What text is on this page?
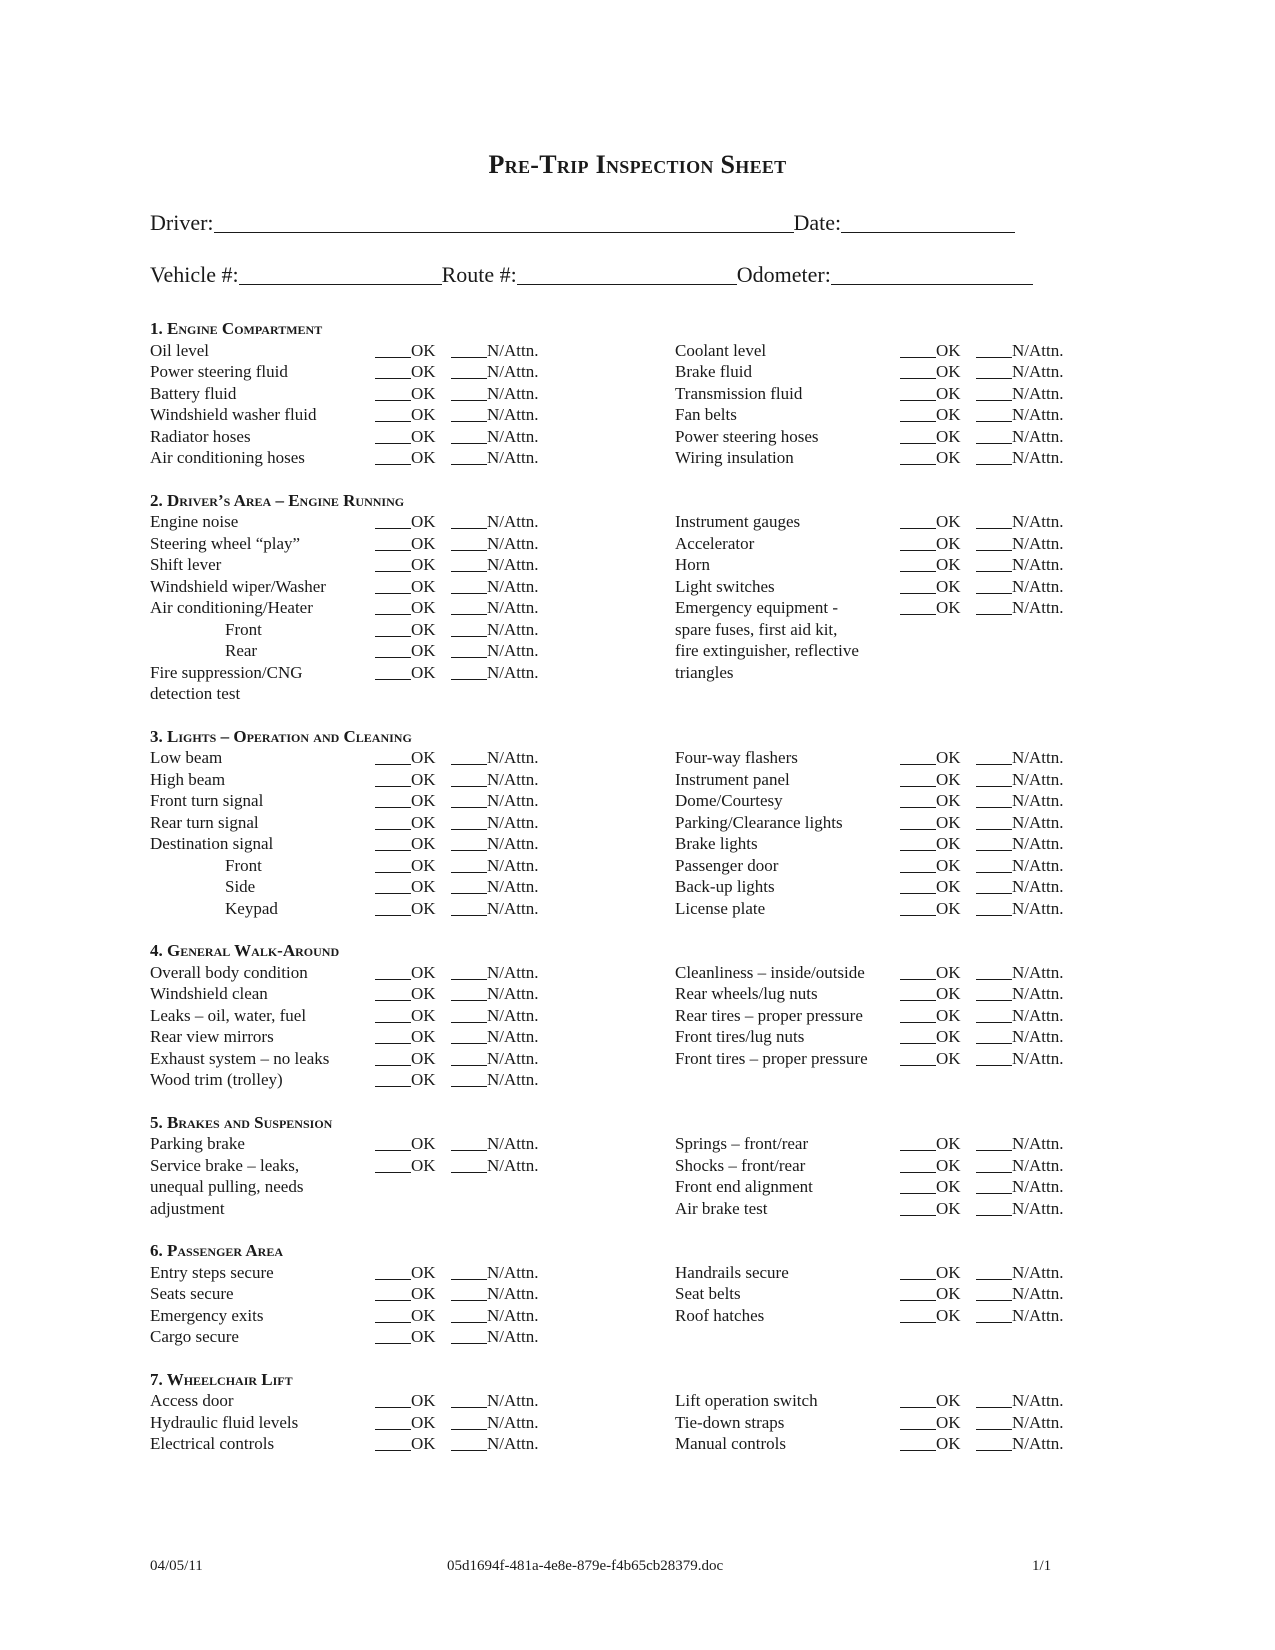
Pre-Trip Inspection Sheet
Driver:	Date:
Vehicle #:	Route #:	Odometer:
1. Engine Compartment
Oil level	OK	N/Attn.
Power steering fluid	OK	N/Attn.
Battery fluid	OK	N/Attn.
Windshield washer fluid	OK	N/Attn.
Radiator hoses	OK	N/Attn.
Air conditioning hoses	OK	N/Attn.
Coolant level	OK	N/Attn.
Brake fluid	OK	N/Attn.
Transmission fluid	OK	N/Attn.
Fan belts	OK	N/Attn.
Power steering hoses	OK	N/Attn.
Wiring insulation	OK	N/Attn.
2. Driver’s Area – Engine Running
Engine noise	OK	N/Attn.
Steering wheel “play”	OK	N/Attn.
Shift lever	OK	N/Attn.
Windshield wiper/Washer	OK	N/Attn.
Air conditioning/Heater	OK	N/Attn.
Front	OK	N/Attn.
Rear	OK	N/Attn.
Fire suppression/CNG	OK	N/Attn.
detection test
Instrument gauges	OK	N/Attn.
Accelerator	OK	N/Attn.
Horn	OK	N/Attn.
Light switches	OK	N/Attn.
Emergency equipment -	OK	N/Attn.
spare fuses, first aid kit,
fire extinguisher, reflective
triangles
3. Lights – Operation and Cleaning
Low beam	OK	N/Attn.
High beam	OK	N/Attn.
Front turn signal	OK	N/Attn.
Rear turn signal	OK	N/Attn.
Destination signal	OK	N/Attn.
Front	OK	N/Attn.
Side	OK	N/Attn.
Keypad	OK	N/Attn.
Four-way flashers	OK	N/Attn.
Instrument panel	OK	N/Attn.
Dome/Courtesy	OK	N/Attn.
Parking/Clearance lights	OK	N/Attn.
Brake lights	OK	N/Attn.
Passenger door	OK	N/Attn.
Back-up lights	OK	N/Attn.
License plate	OK	N/Attn.
4. General Walk-Around
Overall body condition	OK	N/Attn.
Windshield clean	OK	N/Attn.
Leaks – oil, water, fuel	OK	N/Attn.
Rear view mirrors	OK	N/Attn.
Exhaust system – no leaks	OK	N/Attn.
Wood trim (trolley)	OK	N/Attn.
Cleanliness – inside/outside	OK	N/Attn.
Rear wheels/lug nuts	OK	N/Attn.
Rear tires – proper pressure	OK	N/Attn.
Front tires/lug nuts	OK	N/Attn.
Front tires – proper pressure	OK	N/Attn.
5. Brakes and Suspension
Parking brake	OK	N/Attn.
Service brake – leaks,	OK	N/Attn.
unequal pulling, needs
adjustment
Springs – front/rear	OK	N/Attn.
Shocks – front/rear	OK	N/Attn.
Front end alignment	OK	N/Attn.
Air brake test	OK	N/Attn.
6. Passenger Area
Entry steps secure	OK	N/Attn.
Seats secure	OK	N/Attn.
Emergency exits	OK	N/Attn.
Cargo secure	OK	N/Attn.
Handrails secure	OK	N/Attn.
Seat belts	OK	N/Attn.
Roof hatches	OK	N/Attn.
7. Wheelchair Lift
Access door	OK	N/Attn.
Hydraulic fluid levels	OK	N/Attn.
Electrical controls	OK	N/Attn.
Lift operation switch	OK	N/Attn.
Tie-down straps	OK	N/Attn.
Manual controls	OK	N/Attn.
04/05/11	05d1694f-481a-4e8e-879e-f4b65cb28379.doc	1/1
